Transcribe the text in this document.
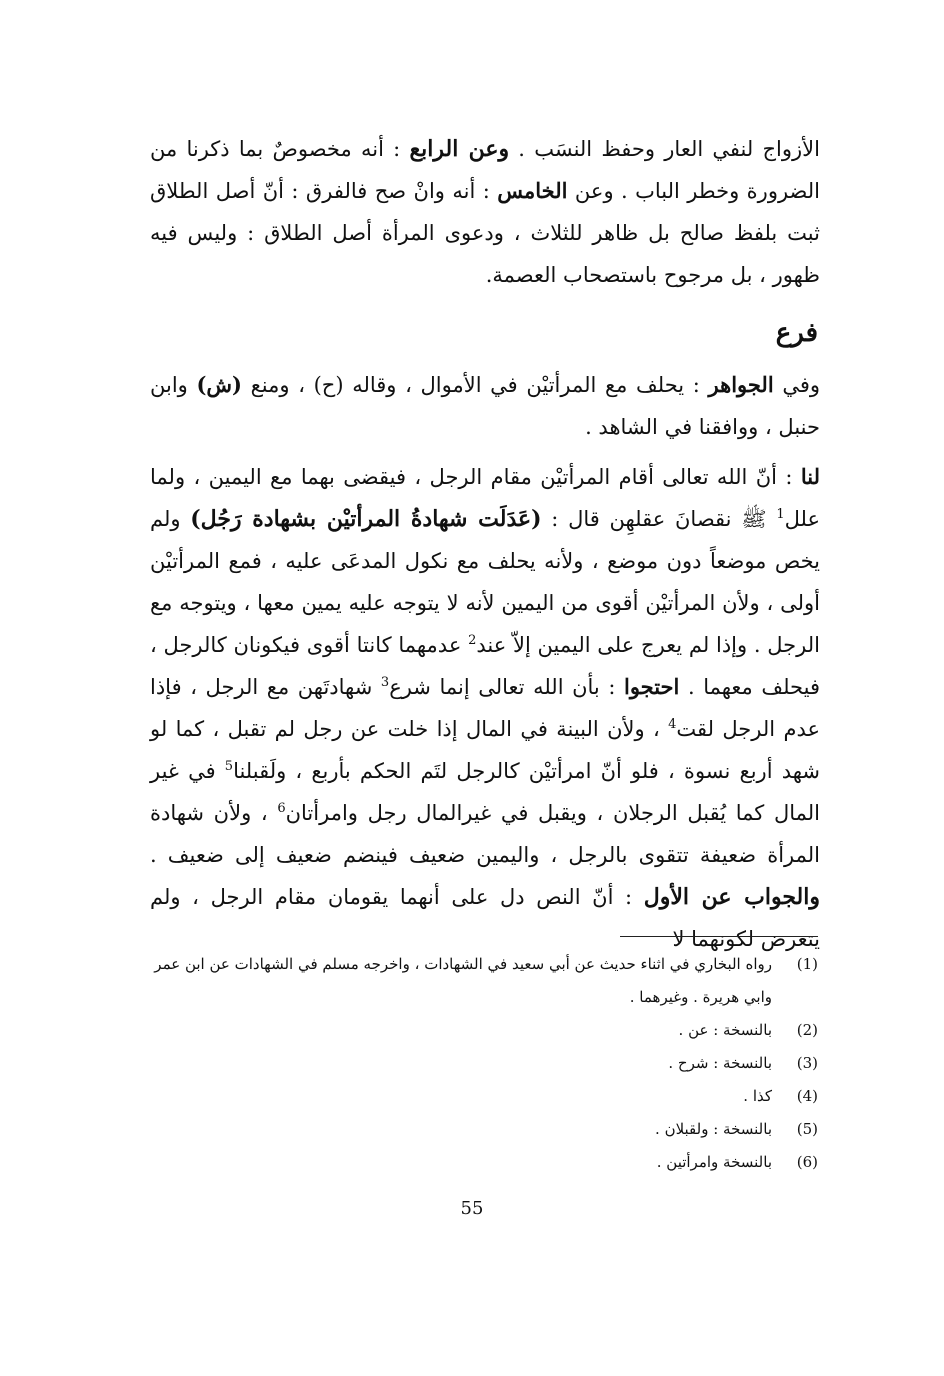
الأزواج لنفي العار وحفظ النسَب . وعن الرابع : أنه مخصوصٌ بما ذكرنا من الضرورة وخطر الباب . وعن الخامس : أنه وانْ صح فالفرق : أنّ أصل الطلاق ثبت بلفظ صالح بل ظاهر للثلاث ، ودعوى المرأة أصل الطلاق : وليس فيه ظهور ، بل مرجوح باستصحاب العصمة.

فرع

وفي الجواهر : يحلف مع المرأتيْن في الأموال ، وقاله (ح) ، ومنع (ش) وابن حنبل ، ووافقنا في الشاهد .

لنا : أنّ الله تعالى أقام المرأتيْن مقام الرجل ، فيقضى بهما مع اليمين ، ولما علل$^1$ ﷺ نقصانَ عقلهِن قال : (عَدَلَت شهادةُ المرأتيْن بشهادة رَجُل) ولم يخص موضعاً دون موضع ، ولأنه يحلف مع نكول المدعَى عليه ، فمع المرأتيْن أولى ، ولأن المرأتيْن أقوى من اليمين لأنه لا يتوجه عليه يمين معها ، ويتوجه مع الرجل . وإذا لم يعرج على اليمين إلاّ عند$^2$ عدمهما كانتا أقوى فيكونان كالرجل ، فيحلف معهما . احتجوا : بأن الله تعالى إنما شرع$^3$ شهادتَهن مع الرجل ، فإذا عدم الرجل لقت$^4$ ، ولأن البينة في المال إذا خلت عن رجل لم تقبل ، كما لو شهد أربع نسوة ، فلو أنّ امرأتيْن كالرجل لتَم الحكم بأربع ، ولَقبلنا$^5$ في غير المال كما يُقبل الرجلان ، ويقبل في غيرالمال رجل وامرأتان$^6$ ، ولأن شهادة المرأة ضعيفة تتقوى بالرجل ، واليمين ضعيف فينضم ضعيف إلى ضعيف . والجواب عن الأول : أنّ النص دل على أنهما يقومان مقام الرجل ، ولم يتعرض لكونهما لا

(1)
رواه البخاري في اثناء حديث عن أبي سعيد في الشهادات ، واخرجه مسلم في الشهادات عن ابن عمر وابي هريرة . وغيرهما .
(2)
بالنسخة : عن .
(3)
بالنسخة : شرح .
(4)
كذا .
(5)
بالنسخة : ولقبلان .
(6)
بالنسخة وامرأتين .
55
